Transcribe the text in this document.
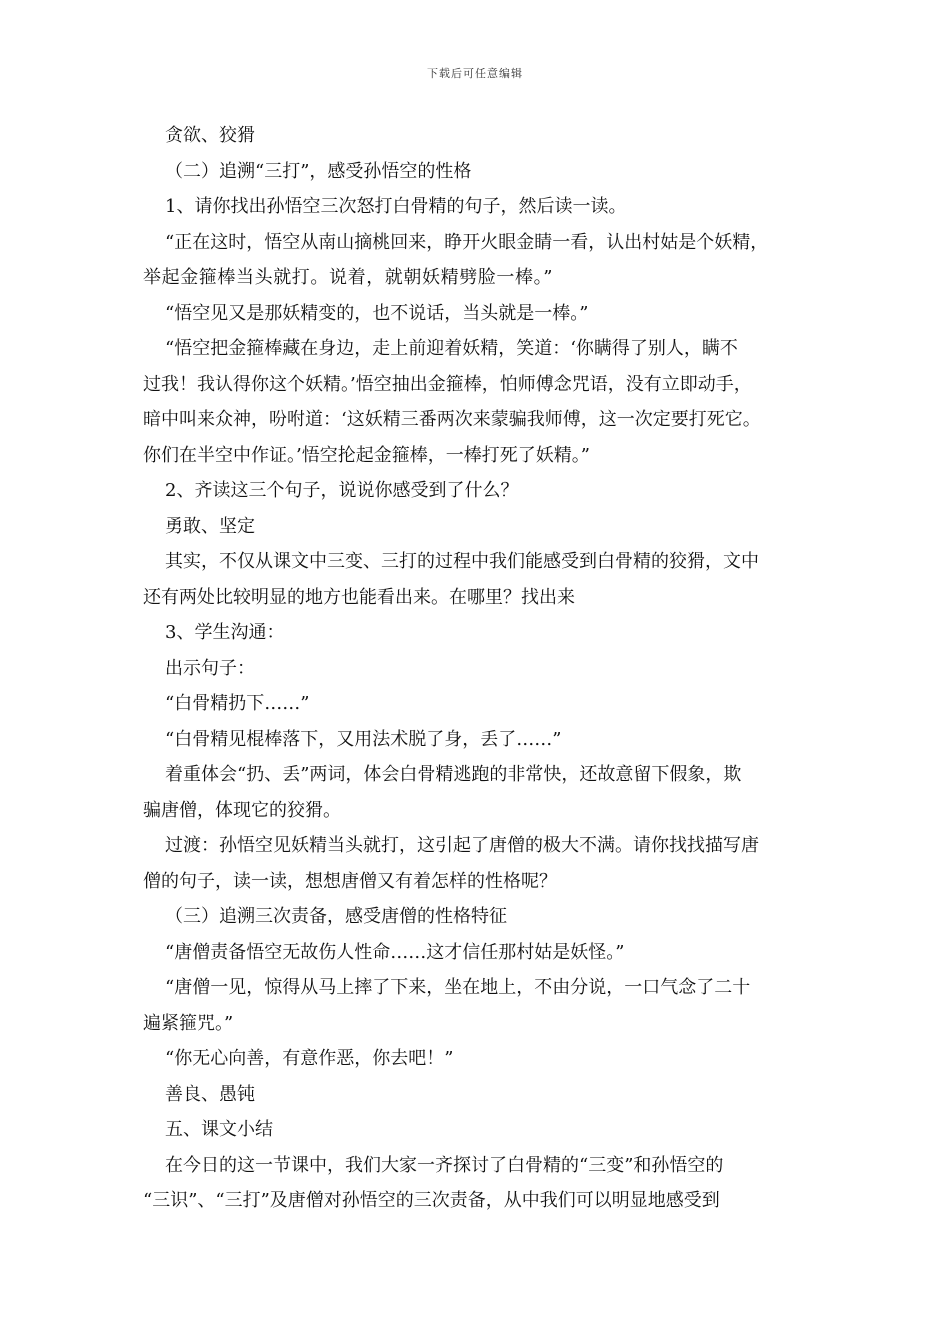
下载后可任意编辑
贪欲、狡猾
（二）追溯“三打”，感受孙悟空的性格
1、请你找出孙悟空三次怒打白骨精的句子，然后读一读。
“正在这时，悟空从南山摘桃回来，睁开火眼金睛一看，认出村姑是个妖精，
举起金箍棒当头就打。说着，就朝妖精劈脸一棒。”
“悟空见又是那妖精变的，也不说话，当头就是一棒。”
“悟空把金箍棒藏在身边，走上前迎着妖精，笑道：‘你瞒得了别人，瞒不
过我！我认得你这个妖精。’悟空抽出金箍棒，怕师傅念咒语，没有立即动手，
暗中叫来众神，吩咐道：‘这妖精三番两次来蒙骗我师傅，这一次定要打死它。
你们在半空中作证。’悟空抡起金箍棒，一棒打死了妖精。”
2、齐读这三个句子，说说你感受到了什么？
勇敢、坚定
其实，不仅从课文中三变、三打的过程中我们能感受到白骨精的狡猾，文中
还有两处比较明显的地方也能看出来。在哪里？找出来
3、学生沟通：
出示句子：
“白骨精扔下……”
“白骨精见棍棒落下，又用法术脱了身，丢了……”
着重体会“扔、丢”两词，体会白骨精逃跑的非常快，还故意留下假象，欺
骗唐僧，体现它的狡猾。
过渡：孙悟空见妖精当头就打，这引起了唐僧的极大不满。请你找找描写唐
僧的句子，读一读，想想唐僧又有着怎样的性格呢？
（三）追溯三次责备，感受唐僧的性格特征
“唐僧责备悟空无故伤人性命……这才信任那村姑是妖怪。”
“唐僧一见，惊得从马上摔了下来，坐在地上，不由分说，一口气念了二十
遍紧箍咒。”
“你无心向善，有意作恶，你去吧！”
善良、愚钝
五、课文小结
在今日的这一节课中，我们大家一齐探讨了白骨精的“三变”和孙悟空的
“三识”、“三打”及唐僧对孙悟空的三次责备，从中我们可以明显地感受到
